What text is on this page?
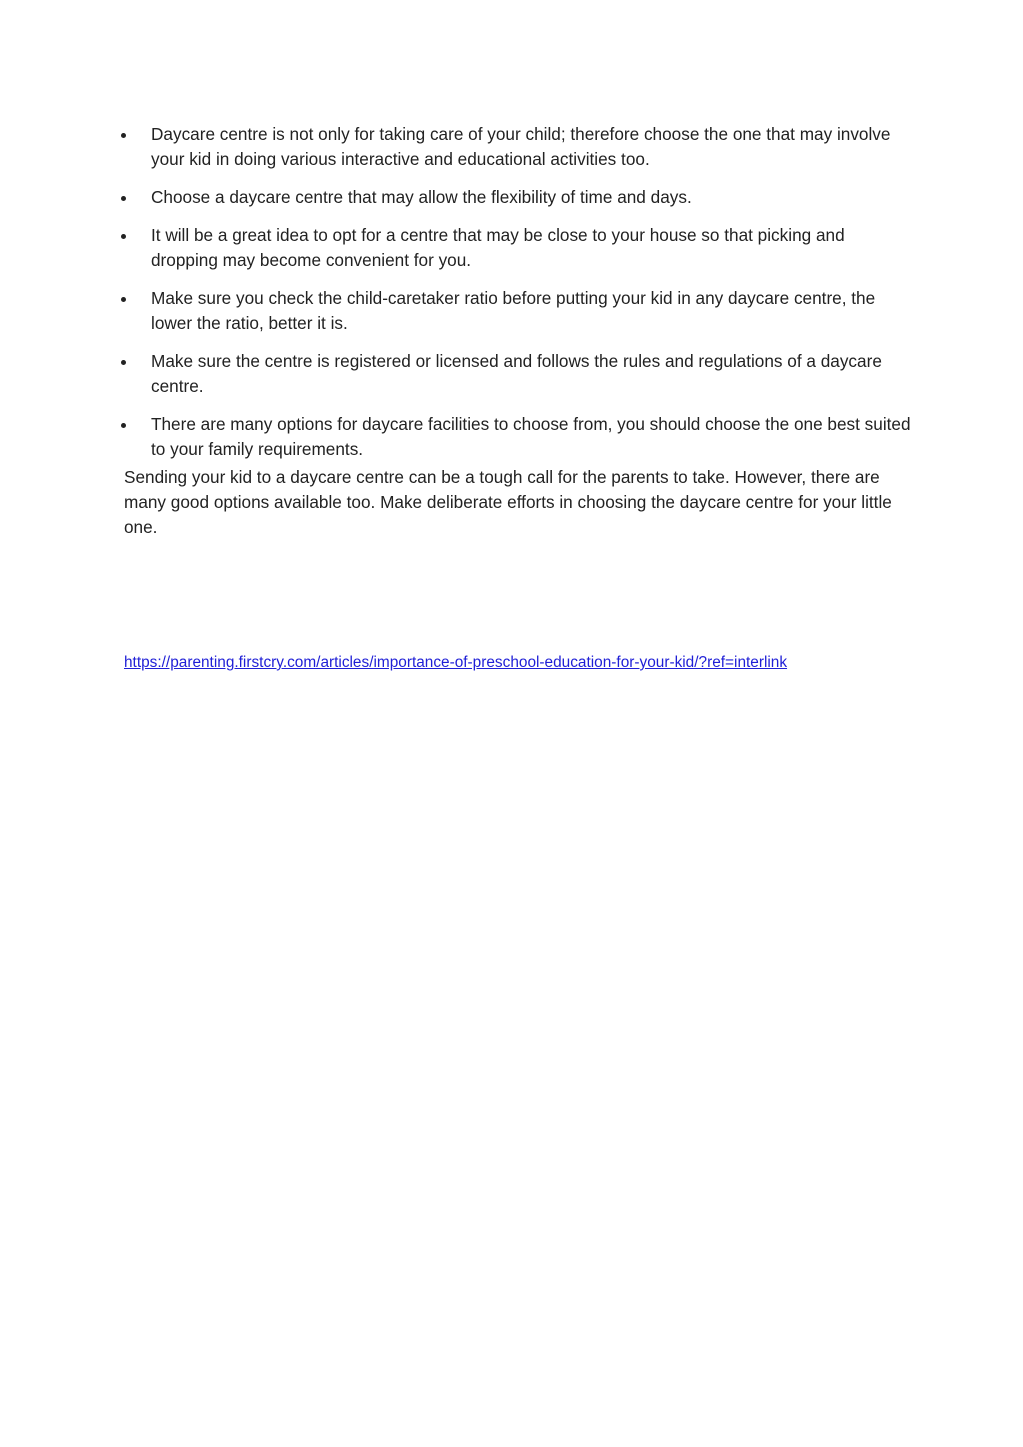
Daycare centre is not only for taking care of your child; therefore choose the one that may involve your kid in doing various interactive and educational activities too.
Choose a daycare centre that may allow the flexibility of time and days.
It will be a great idea to opt for a centre that may be close to your house so that picking and dropping may become convenient for you.
Make sure you check the child-caretaker ratio before putting your kid in any daycare centre, the lower the ratio, better it is.
Make sure the centre is registered or licensed and follows the rules and regulations of a daycare centre.
There are many options for daycare facilities to choose from, you should choose the one best suited to your family requirements.

Sending your kid to a daycare centre can be a tough call for the parents to take. However, there are many good options available too. Make deliberate efforts in choosing the daycare centre for your little one.

https://parenting.firstcry.com/articles/importance-of-preschool-education-for-your-kid/?ref=interlink
